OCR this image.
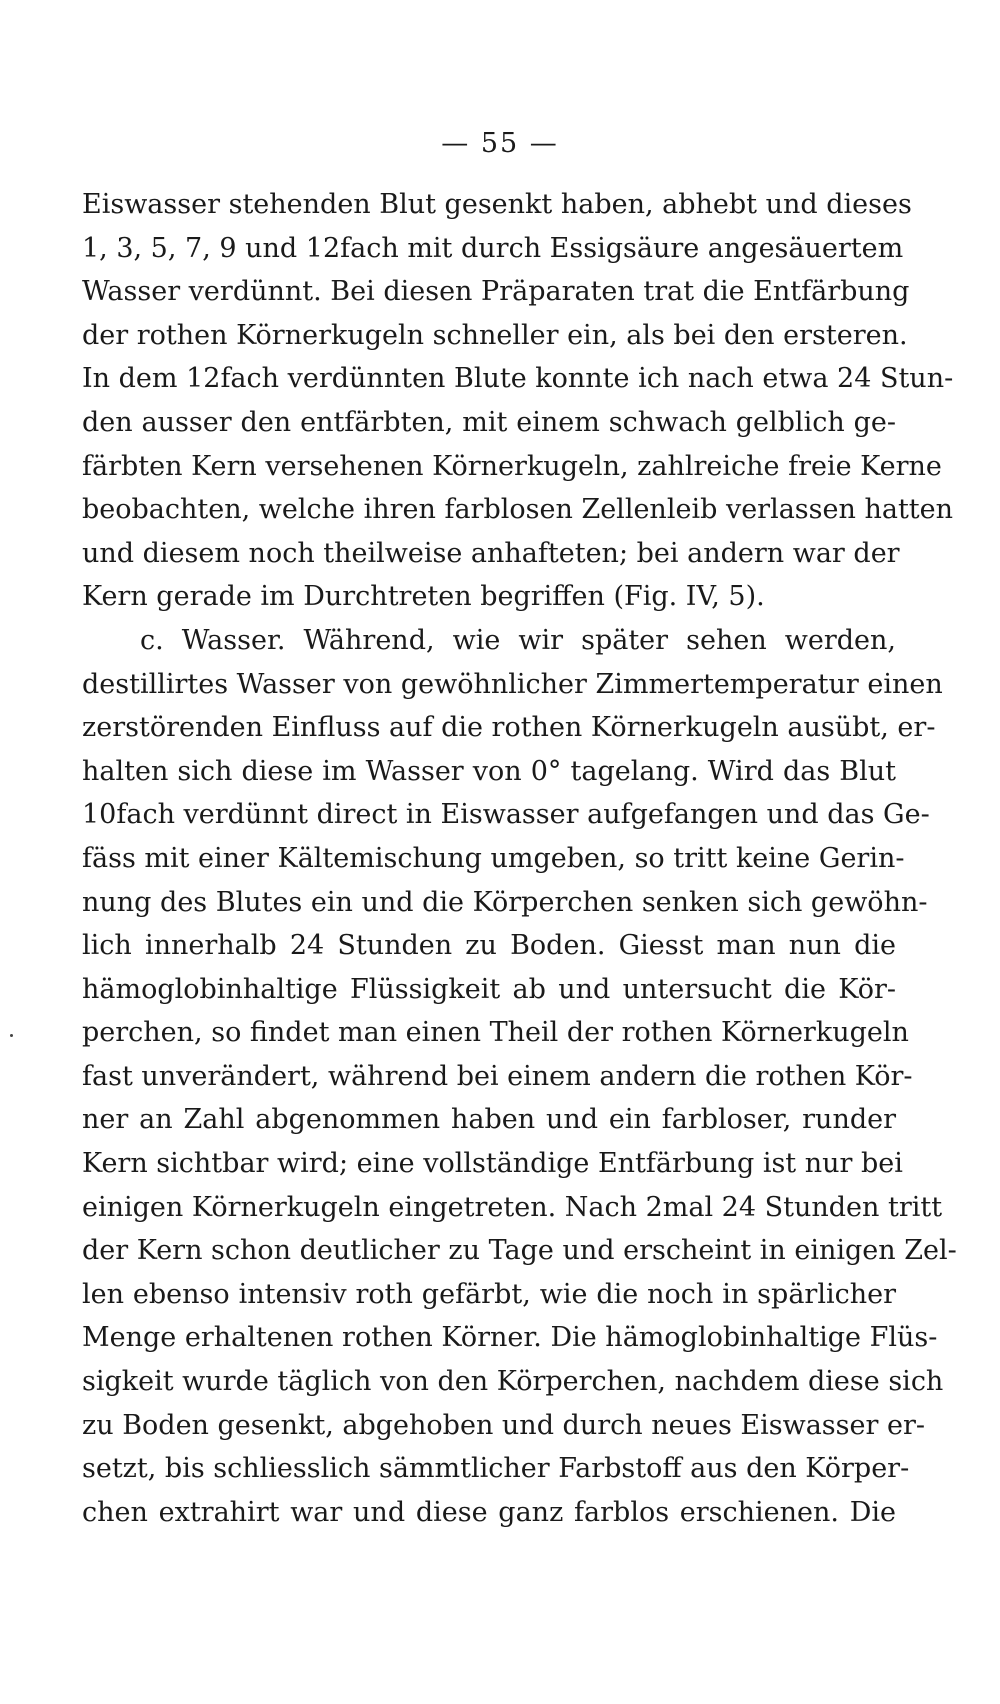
— 55 —
Eiswasser stehenden Blut gesenkt haben, abhebt und dieses
1, 3, 5, 7, 9 und 12fach mit durch Essigsäure angesäuertem
Wasser verdünnt. Bei diesen Präparaten trat die Entfärbung
der rothen Körnerkugeln schneller ein, als bei den ersteren.
In dem 12fach verdünnten Blute konnte ich nach etwa 24 Stun-
den ausser den entfärbten, mit einem schwach gelblich ge-
färbten Kern versehenen Körnerkugeln, zahlreiche freie Kerne
beobachten, welche ihren farblosen Zellenleib verlassen hatten
und diesem noch theilweise anhafteten; bei andern war der
Kern gerade im Durchtreten begriffen (Fig. IV, 5).
c. Wasser. Während, wie wir später sehen werden,
destillirtes Wasser von gewöhnlicher Zimmertemperatur einen
zerstörenden Einfluss auf die rothen Körnerkugeln ausübt, er-
halten sich diese im Wasser von 0° tagelang. Wird das Blut
10fach verdünnt direct in Eiswasser aufgefangen und das Ge-
fäss mit einer Kältemischung umgeben, so tritt keine Gerin-
nung des Blutes ein und die Körperchen senken sich gewöhn-
lich innerhalb 24 Stunden zu Boden. Giesst man nun die
hämoglobinhaltige Flüssigkeit ab und untersucht die Kör-
perchen, so findet man einen Theil der rothen Körnerkugeln
fast unverändert, während bei einem andern die rothen Kör-
ner an Zahl abgenommen haben und ein farbloser, runder
Kern sichtbar wird; eine vollständige Entfärbung ist nur bei
einigen Körnerkugeln eingetreten. Nach 2mal 24 Stunden tritt
der Kern schon deutlicher zu Tage und erscheint in einigen Zel-
len ebenso intensiv roth gefärbt, wie die noch in spärlicher
Menge erhaltenen rothen Körner. Die hämoglobinhaltige Flüs-
sigkeit wurde täglich von den Körperchen, nachdem diese sich
zu Boden gesenkt, abgehoben und durch neues Eiswasser er-
setzt, bis schliesslich sämmtlicher Farbstoff aus den Körper-
chen extrahirt war und diese ganz farblos erschienen. Die
